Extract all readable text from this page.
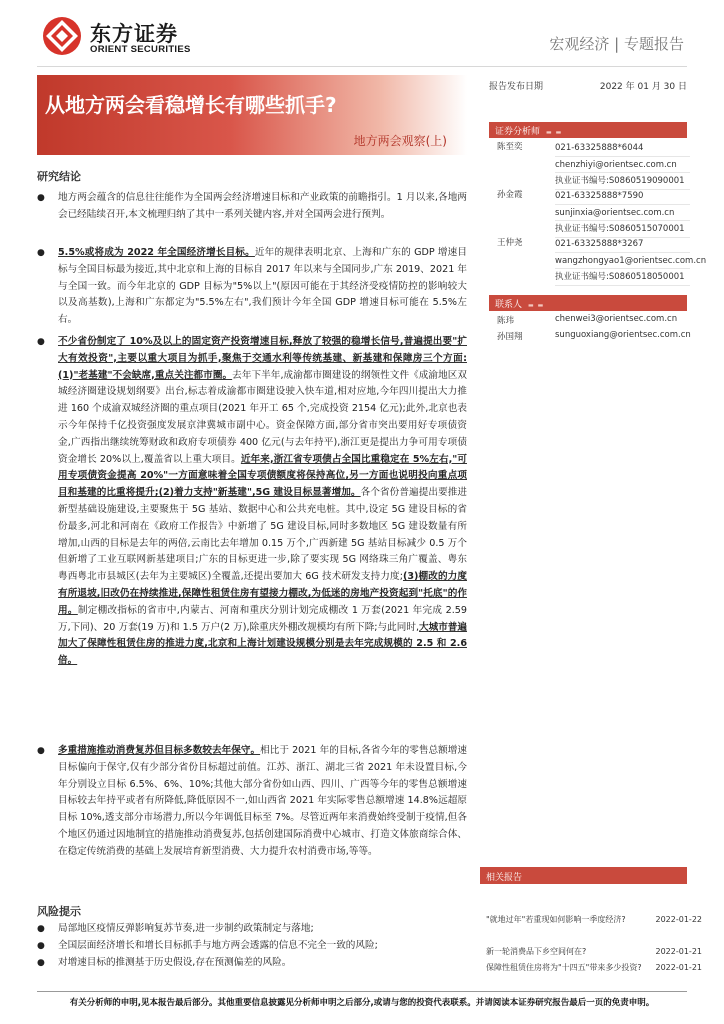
东方证券
ORIENT SECURITIES	宏观经济 | 专题报告
从地方两会看稳增长有哪些抓手?
地方两会观察(上)
报告发布日期	2022 年 01 月 30 日
证券分析师 ▬ ▬
陈至奕	021-63325888*6044
chenzhiyi@orientsec.com.cn
执业证书编号:S0860519090001
孙金霞	021-63325888*7590
sunjinxia@orientsec.com.cn
执业证书编号:S0860515070001
王仲尧	021-63325888*3267
wangzhongyao1@orientsec.com.cn
执业证书编号:S0860518050001
联系人 ▬ ▬
陈玮	chenwei3@orientsec.com.cn
孙国翔	sunguoxiang@orientsec.com.cn
研究结论
●	地方两会蕴含的信息往往能作为全国两会经济增速目标和产业政策的前瞻指引。1 月以来,各地两会已经陆续召开,本文梳理归纳了其中一系列关键内容,并对全国两会进行预判。
●	5.5%或将成为 2022 年全国经济增长目标。近年的规律表明北京、上海和广东的 GDP 增速目标与全国目标最为接近,其中北京和上海的目标自 2017 年以来与全国同步,广东 2019、2021 年与全国一致。而今年北京的 GDP 目标为"5%以上"(原因可能在于其经济受疫情防控的影响较大以及高基数),上海和广东都定为"5.5%左右",我们预计今年全国 GDP 增速目标可能在 5.5%左右。
●	不少省份制定了 10%及以上的固定资产投资增速目标,释放了较强的稳增长信号,普遍提出要"扩大有效投资",主要以重大项目为抓手,聚焦于交通水利等传统基建、新基建和保障房三个方面:(1)"老基建"不会缺席,重点关注都市圈。去年下半年,成渝都市圈建设的纲领性文件《成渝地区双城经济圈建设规划纲要》出台,标志着成渝都市圈建设驶入快车道,相对应地,今年四川提出大力推进 160 个成渝双城经济圈的重点项目(2021 年开工 65 个,完成投资 2154 亿元);此外,北京也表示今年保持千亿投资强度发展京津冀城市副中心。资金保障方面,部分省市突出要用好专项债资金,广西指出继续统筹财政和政府专项债券 400 亿元(与去年持平),浙江更是提出力争可用专项债资金增长 20%以上,覆盖省以上重大项目。近年来,浙江省专项债占全国比重稳定在 5%左右,"可用专项债资金提高 20%"一方面意味着全国专项债额度将保持高位,另一方面也说明投向重点项目和基建的比重将提升;(2)着力支持"新基建",5G 建设目标显著增加。各个省份普遍提出要推进新型基础设施建设,主要聚焦于 5G 基站、数据中心和公共充电桩。其中,设定 5G 建设目标的省份最多,河北和河南在《政府工作报告》中新增了 5G 建设目标,同时多数地区 5G 建设数量有所增加,山西的目标是去年的两倍,云南比去年增加 0.15 万个,广西新建 5G 基站目标减少 0.5 万个但新增了工业互联网新基建项目;广东的目标更进一步,除了要实现 5G 网络珠三角广覆盖、粤东粤西粤北市县城区(去年为主要城区)全覆盖,还提出要加大 6G 技术研发支持力度;(3)棚改的力度有所退坡,旧改仍在持续推进,保障性租赁住房有望接力棚改,为低迷的房地产投资起到"托底"的作用。制定棚改指标的省市中,内蒙古、河南和重庆分别计划完成棚改 1 万套(2021 年完成 2.59 万,下同)、20 万套(19 万)和 1.5 万户(2 万),除重庆外棚改规模均有所下降;与此同时,大城市普遍加大了保障性租赁住房的推进力度,北京和上海计划建设规模分别是去年完成规模的 2.5 和 2.6 倍。
●	多重措施推动消费复苏但目标多数较去年保守。相比于 2021 年的目标,各省今年的零售总额增速目标偏向于保守,仅有少部分省份目标超过前值。江苏、浙江、湖北三省 2021 年未设置目标,今年分别设立目标 6.5%、6%、10%;其他大部分省份如山西、四川、广西等今年的零售总额增速目标较去年持平或者有所降低,降低原因不一,如山西省 2021 年实际零售总额增速 14.8%远超原目标 10%,透支部分市场潜力,所以今年调低目标至 7%。尽管近两年来消费始终受制于疫情,但各个地区仍通过因地制宜的措施推动消费复苏,包括创建国际消费中心城市、打造文体旅商综合体、在稳定传统消费的基础上发展培育新型消费、大力提升农村消费市场,等等。
风险提示
●	局部地区疫情反弹影响复苏节奏,进一步制约政策制定与落地;
●	全国层面经济增长和增长目标抓手与地方两会透露的信息不完全一致的风险;
●	对增速目标的推测基于历史假设,存在预测偏差的风险。
相关报告
"就地过年"若重现如何影响一季度经济?	2022-01-22
新一轮消费品下乡空间何在?	2022-01-21
保障性租赁住房将为"十四五"带来多少投资? 2022-01-21
有关分析师的申明,见本报告最后部分。其他重要信息披露见分析师申明之后部分,或请与您的投资代表联系。并请阅读本证券研究报告最后一页的免责申明。
